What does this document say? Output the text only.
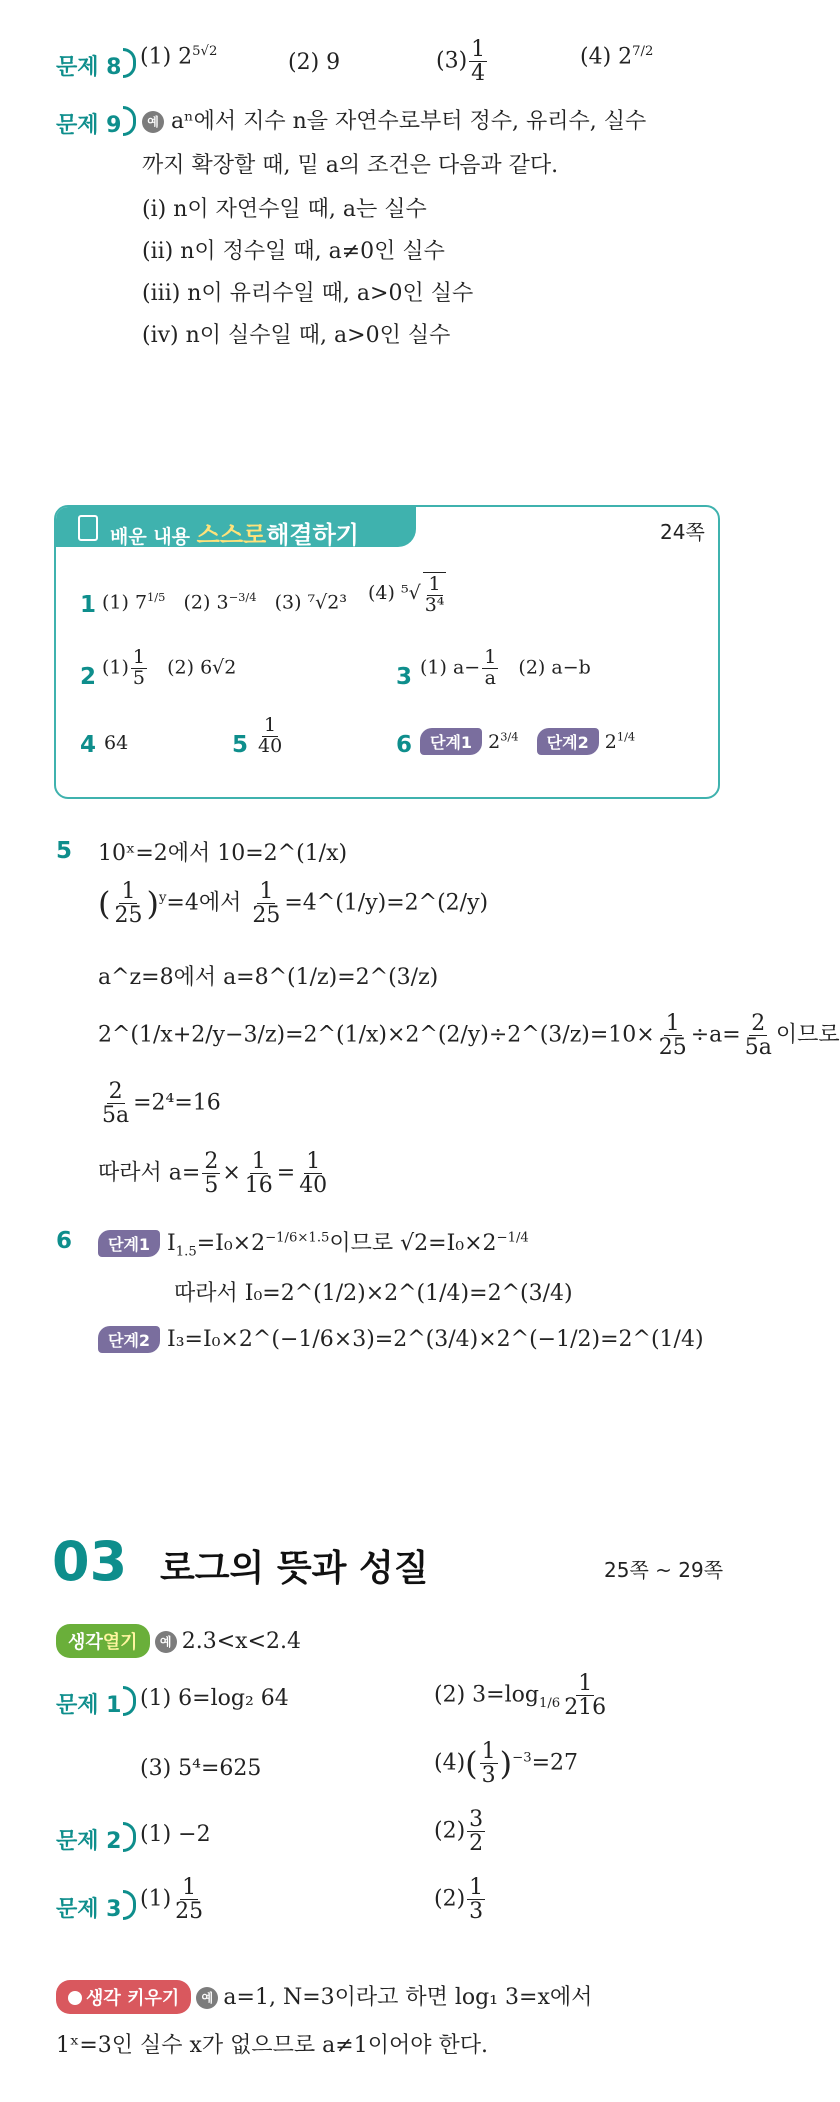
문제 8 (1) $2^{5√2}$	(2) 9	$(3) \frac{1}{4}$	(4) $2^{7/2}$
문제 9	예 aⁿ에서 지수 n을 자연수로부터 정수, 유리수, 실수
까지 확장할 때, 밑 a의 조건은 다음과 같다.
(ⅰ) n이 자연수일 때, a는 실수
(ⅱ) n이 정수일 때, a≠0인 실수
(ⅲ) n이 유리수일 때, a>0인 실수
(ⅳ) n이 실수일 때, a>0인 실수
배운 내용 스스로해결하기	24쪽
1 (1) $7^{1/5}$ (2) $3^{-3/4}$ (3) ⁷√2³	(4) $^5√ \frac{1}{\text{3⁴}}$
2 $(1) \frac{1}{5} (2)$ 6√2	3 (1) $a- \frac{1}{a} (2)$ a−b
4 64	$5 \frac{1}{40}$	6	단계1 $2^{3/4}$ 단계2 $2^{1/4}$
5 10ˣ=2에서 10=2^(1/x)
( $\frac{1}{25} )^y=4$에서 $\frac{1}{25}$ =4^(1/y)=2^(2/y)
a^z=8에서 a=8^(1/z)=2^(3/z)
2^(1/x+2/y−3/z)=2^(1/x)×2^(2/y)÷2^(3/z)=10× $\frac{1}{25} \div a= \frac{2}{5a}$ 이므로
$\frac{2}{5a} =2^4=16$
따라서 $a= \frac{2}{5} \times \frac{1}{16} = \frac{1}{40}$
6	단계1 $I_{1.5}=I_0\times 2^{-1/6\times 1.5}$이므로 $√2=I_0\times 2^{-1/4}$
따라서 I₀=2^(1/2)×2^(1/4)=2^(3/4)
단계2 I₃=I₀×2^(−1/6×3)=2^(3/4)×2^(−1/2)=2^(1/4)
03 로그의 뜻과 성질	25쪽 ~ 29쪽
생각열기 예 2.3<x<2.4
문제 1 (1) 6=log₂ 64	(2) $3=\log_{1/6} \frac{1}{216}$
(3) 5⁴=625	$(4)( \frac{1}{3} )^{-3}=27$
문제 2 (1) −2	$(2) \frac{3}{2}$
문제 3 $(1) \frac{1}{25}$	$(2) \frac{1}{3}$
생각 키우기 예 a=1, N=3이라고 하면 log₁ 3=x에서
1ˣ=3인 실수 x가 없으므로 a≠1이어야 한다.
